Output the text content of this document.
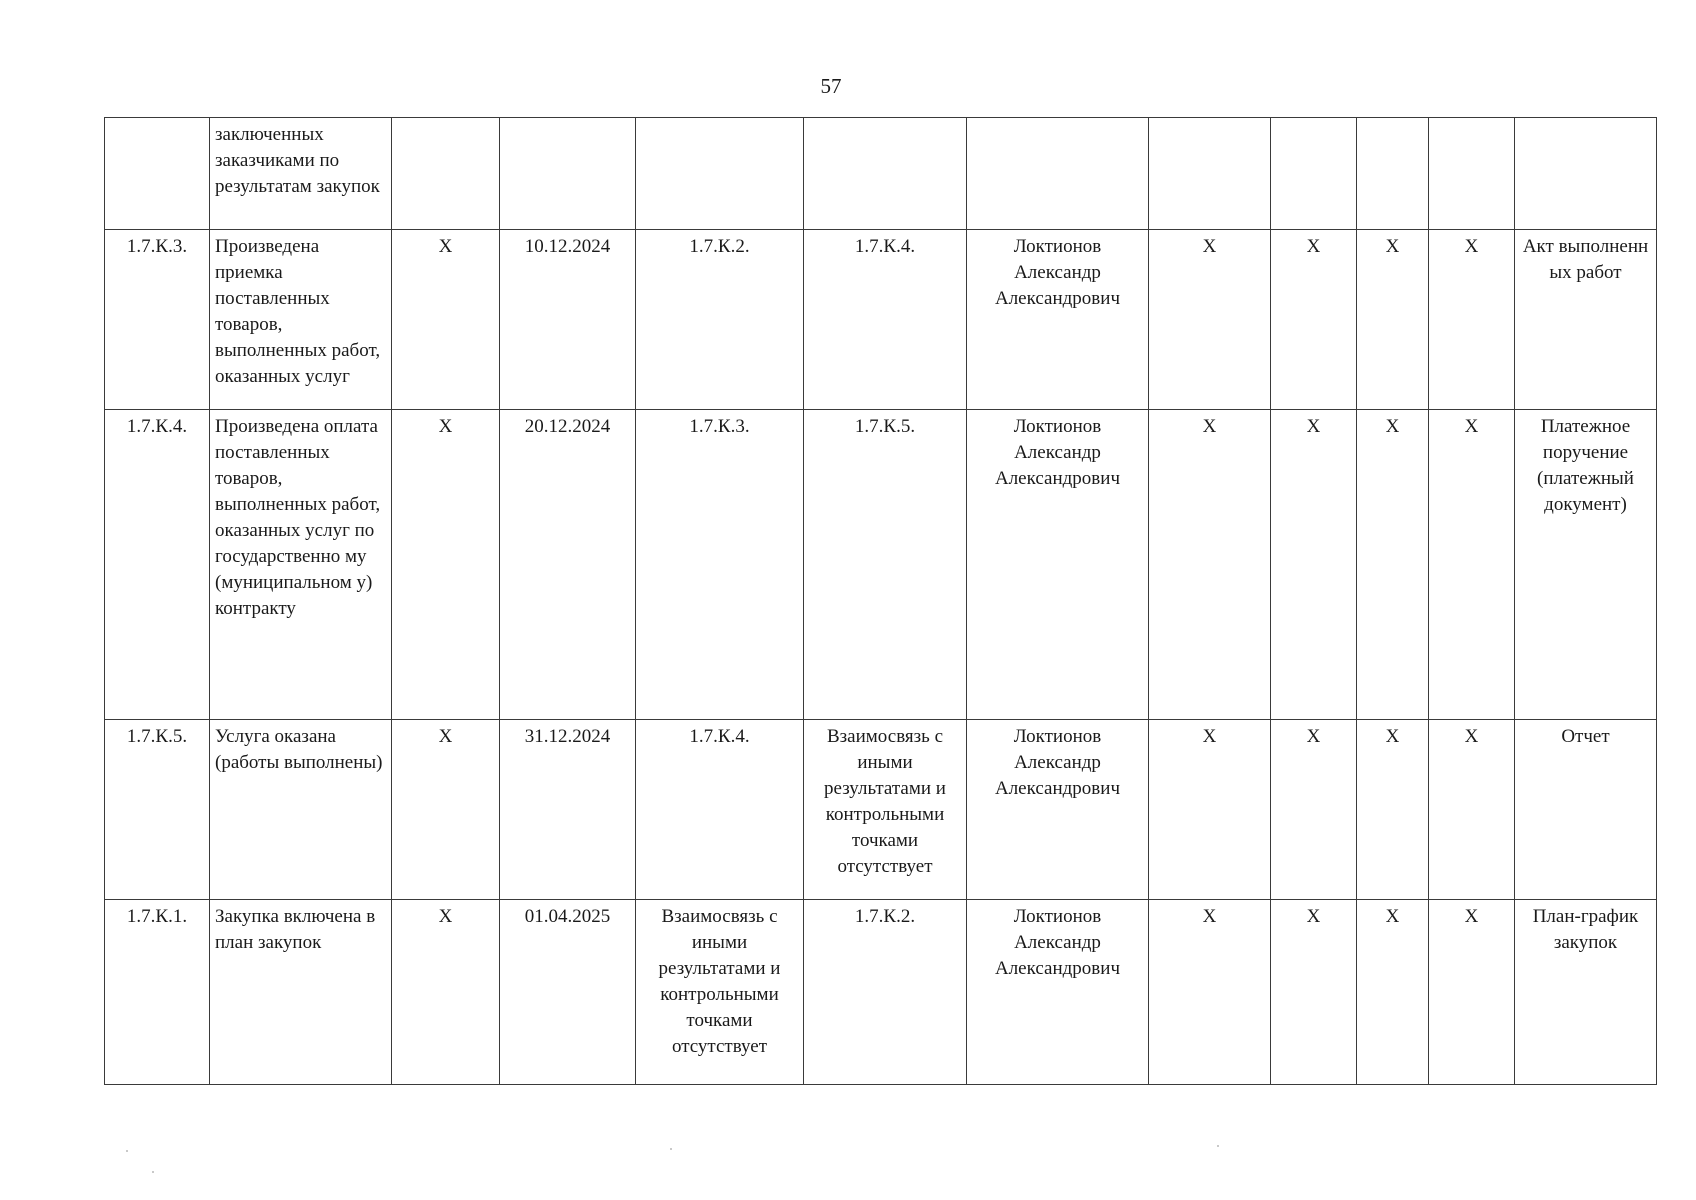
57
	заключенных заказчиками по результатам закупок										
1.7.К.3.	Произведена приемка поставленных товаров, выполненных работ, оказанных услуг	X	10.12.2024	1.7.К.2.	1.7.К.4.	Локтионов Александр Александрович	X	X	X	X	Акт выполненн ых работ
1.7.К.4.	Произведена оплата поставленных товаров, выполненных работ, оказанных услуг по государственно му (муниципальном у) контракту	X	20.12.2024	1.7.К.3.	1.7.К.5.	Локтионов Александр Александрович	X	X	X	X	Платежное поручение (платежный документ)
1.7.К.5.	Услуга оказана (работы выполнены)	X	31.12.2024	1.7.К.4.	Взаимосвязь с иными результатами и контрольными точками отсутствует	Локтионов Александр Александрович	X	X	X	X	Отчет
1.7.К.1.	Закупка включена в план закупок	X	01.04.2025	Взаимосвязь с иными результатами и контрольными точками отсутствует	1.7.К.2.	Локтионов Александр Александрович	X	X	X	X	План-график закупок
